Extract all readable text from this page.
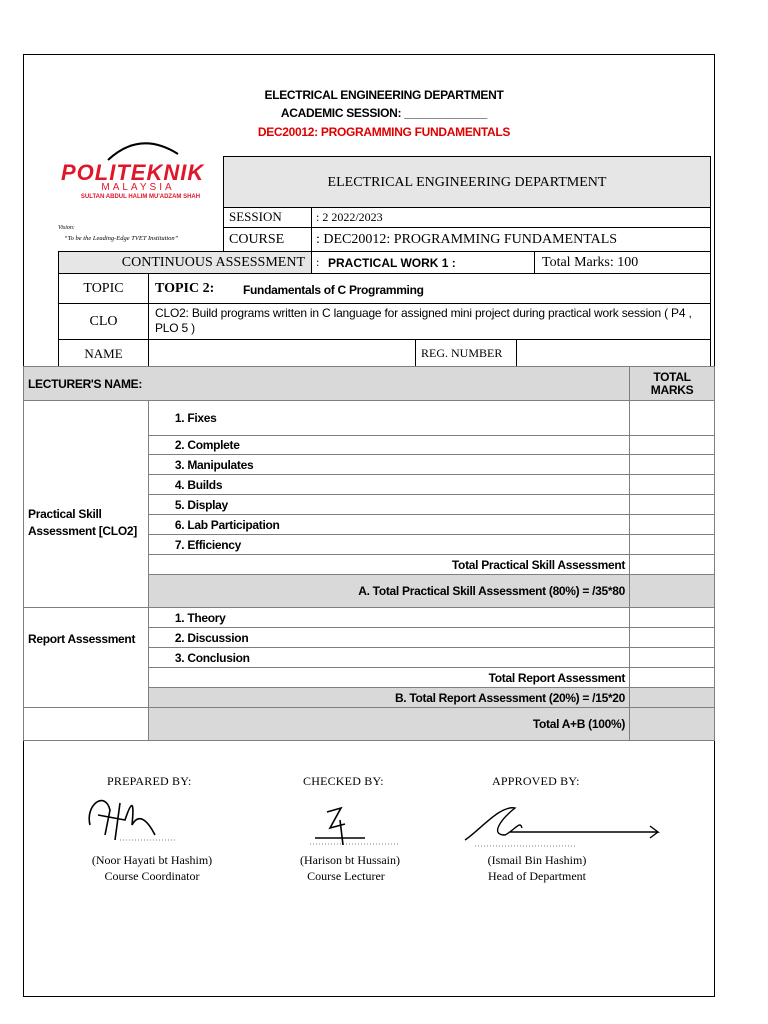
ELECTRICAL ENGINEERING DEPARTMENT
ACADEMIC SESSION: _____________
DEC20012: PROGRAMMING FUNDAMENTALS
POLITEKNIK
MALAYSIA
SULTAN ABDUL HALIM MU'ADZAM SHAH
Vision:
“To be the Leading-Edge TVET Institution”
ELECTRICAL ENGINEERING DEPARTMENT
SESSION	: 2 2022/2023
COURSE : DEC20012: PROGRAMMING FUNDAMENTALS
CONTINUOUS ASSESSMENT : PRACTICAL WORK 1 :	Total Marks: 100
TOPIC	TOPIC 2: Fundamentals of C Programming
CLO
CLO2: Build programs written in C language for assigned mini project during practical work session ( P4 , PLO 5 )
NAME	REG. NUMBER
LECTURER'S NAME:		TOTAL MARKS
Practical Skill Assessment [CLO2]	1. Fixes	
	2. Complete	
	3. Manipulates	
	4. Builds	
	5. Display	
	6. Lab Participation	
	7. Efficiency	
	Total Practical Skill Assessment	
	A. Total Practical Skill Assessment (80%) = /35*80	
Report Assessment	1. Theory	
	2. Discussion	
	3. Conclusion	
	Total Report Assessment	
	B. Total Report Assessment (20%) = /15*20	
	Total A+B (100%)	
PREPARED BY:	CHECKED BY:	APPROVED BY:
(Noor Hayati bt Hashim)
Course Coordinator
(Harison bt Hussain)
Course Lecturer
(Ismail Bin Hashim)
Head of Department
